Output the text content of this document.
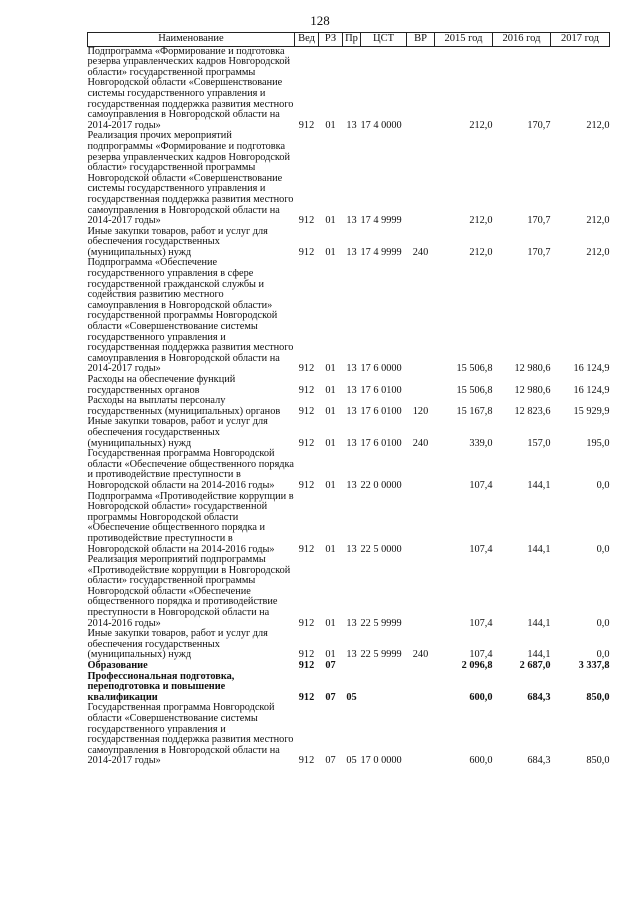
128
Наименование	Вед	РЗ	Пр	ЦСТ	ВР	2015 год	2016 год	2017 год
Подпрограмма «Формирование и подготовка резерва управленческих кадров Новгородской области» государственной программы Новгородской области «Совершенствование системы государственного управления и государственная поддержка развития местного самоуправления в Новгородской области на 2014-2017 годы»	912	01	13	17 4 0000		212,0	170,7	212,0
Реализация прочих мероприятий подпрограммы «Формирование и подготовка резерва управленческих кадров Новгородской области» государственной программы Новгородской области «Совершенствование системы государственного управления и государственная поддержка развития местного самоуправления в Новгородской области на 2014-2017 годы»	912	01	13	17 4 9999		212,0	170,7	212,0
Иные закупки товаров, работ и услуг для обеспечения государственных (муниципальных) нужд	912	01	13	17 4 9999	240	212,0	170,7	212,0
Подпрограмма «Обеспечение государственного управления в сфере государственной гражданской службы и содействия развитию местного самоуправления в Новгородской области» государственной программы Новгородской области «Совершенствование системы государственного управления и государственная поддержка развития местного самоуправления в Новгородской области на 2014-2017 годы»	912	01	13	17 6 0000		15 506,8	12 980,6	16 124,9
Расходы на обеспечение функций государственных органов	912	01	13	17 6 0100		15 506,8	12 980,6	16 124,9
Расходы на выплаты персоналу государственных (муниципальных) органов	912	01	13	17 6 0100	120	15 167,8	12 823,6	15 929,9
Иные закупки товаров, работ и услуг для обеспечения государственных (муниципальных) нужд	912	01	13	17 6 0100	240	339,0	157,0	195,0
Государственная программа Новгородской области «Обеспечение общественного порядка и противодействие преступности в Новгородской области на 2014-2016 годы»	912	01	13	22 0 0000		107,4	144,1	0,0
Подпрограмма «Противодействие коррупции в Новгородской области» государственной программы Новгородской области «Обеспечение общественного порядка и противодействие преступности в Новгородской области на 2014-2016 годы»	912	01	13	22 5 0000		107,4	144,1	0,0
Реализация мероприятий подпрограммы «Противодействие коррупции в Новгородской области» государственной программы Новгородской области «Обеспечение общественного порядка и противодействие преступности в Новгородской области на 2014-2016 годы»	912	01	13	22 5 9999		107,4	144,1	0,0
Иные закупки товаров, работ и услуг для обеспечения государственных (муниципальных) нужд	912	01	13	22 5 9999	240	107,4	144,1	0,0
Образование	912	07				2 096,8	2 687,0	3 337,8
Профессиональная подготовка, переподготовка и повышение квалификации	912	07	05			600,0	684,3	850,0
Государственная программа Новгородской области «Совершенствование системы государственного управления и государственная поддержка развития местного самоуправления в Новгородской области на 2014-2017 годы»	912	07	05	17 0 0000		600,0	684,3	850,0
